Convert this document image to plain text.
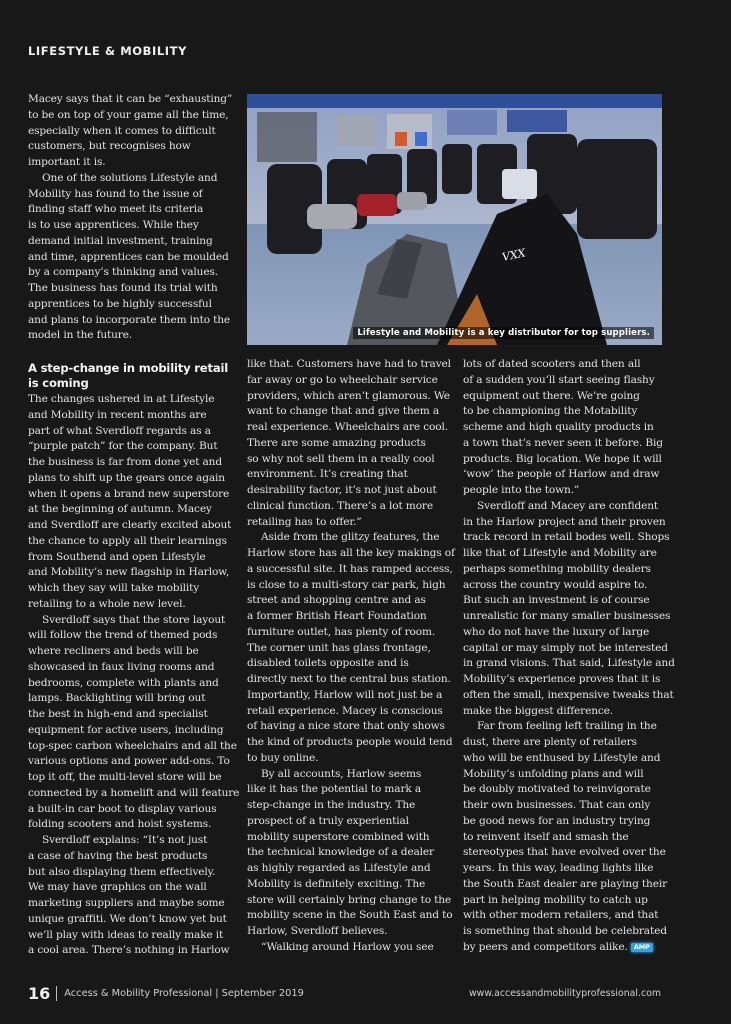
LIFESTYLE & MOBILITY

Macey says that it can be “exhausting”
to be on top of your game all the time,
especially when it comes to difficult
customers, but recognises how
important it is.

One of the solutions Lifestyle and
Mobility has found to the issue of
finding staff who meet its criteria
is to use apprentices. While they
demand initial investment, training
and time, apprentices can be moulded
by a company’s thinking and values.
The business has found its trial with
apprentices to be highly successful
and plans to incorporate them into the
model in the future.

VXX
Lifestyle and Mobility is a key distributor for top suppliers.
A step-change in mobility retail
is coming

The changes ushered in at Lifestyle
and Mobility in recent months are
part of what Sverdloff regards as a
“purple patch” for the company. But
the business is far from done yet and
plans to shift up the gears once again
when it opens a brand new superstore
at the beginning of autumn. Macey
and Sverdloff are clearly excited about
the chance to apply all their learnings
from Southend and open Lifestyle
and Mobility’s new flagship in Harlow,
which they say will take mobility
retailing to a whole new level.

Sverdloff says that the store layout
will follow the trend of themed pods
where recliners and beds will be
showcased in faux living rooms and
bedrooms, complete with plants and
lamps. Backlighting will bring out
the best in high-end and specialist
equipment for active users, including
top-spec carbon wheelchairs and all the
various options and power add-ons. To
top it off, the multi-level store will be
connected by a homelift and will feature
a built-in car boot to display various
folding scooters and hoist systems.

Sverdloff explains: “It’s not just
a case of having the best products
but also displaying them effectively.
We may have graphics on the wall
marketing suppliers and maybe some
unique graffiti. We don’t know yet but
we’ll play with ideas to really make it
a cool area. There’s nothing in Harlow

like that. Customers have had to travel
far away or go to wheelchair service
providers, which aren’t glamorous. We
want to change that and give them a
real experience. Wheelchairs are cool.
There are some amazing products
so why not sell them in a really cool
environment. It’s creating that
desirability factor, it’s not just about
clinical function. There’s a lot more
retailing has to offer.”

Aside from the glitzy features, the
Harlow store has all the key makings of
a successful site. It has ramped access,
is close to a multi-story car park, high
street and shopping centre and as
a former British Heart Foundation
furniture outlet, has plenty of room.
The corner unit has glass frontage,
disabled toilets opposite and is
directly next to the central bus station.
Importantly, Harlow will not just be a
retail experience. Macey is conscious
of having a nice store that only shows
the kind of products people would tend
to buy online.

By all accounts, Harlow seems
like it has the potential to mark a
step-change in the industry. The
prospect of a truly experiential
mobility superstore combined with
the technical knowledge of a dealer
as highly regarded as Lifestyle and
Mobility is definitely exciting. The
store will certainly bring change to the
mobility scene in the South East and to
Harlow, Sverdloff believes.

“Walking around Harlow you see

lots of dated scooters and then all
of a sudden you’ll start seeing flashy
equipment out there. We’re going
to be championing the Motability
scheme and high quality products in
a town that’s never seen it before. Big
products. Big location. We hope it will
‘wow’ the people of Harlow and draw
people into the town.”

Sverdloff and Macey are confident
in the Harlow project and their proven
track record in retail bodes well. Shops
like that of Lifestyle and Mobility are
perhaps something mobility dealers
across the country would aspire to.
But such an investment is of course
unrealistic for many smaller businesses
who do not have the luxury of large
capital or may simply not be interested
in grand visions. That said, Lifestyle and
Mobility’s experience proves that it is
often the small, inexpensive tweaks that
make the biggest difference.

Far from feeling left trailing in the
dust, there are plenty of retailers
who will be enthused by Lifestyle and
Mobility’s unfolding plans and will
be doubly motivated to reinvigorate
their own businesses. That can only
be good news for an industry trying
to reinvent itself and smash the
stereotypes that have evolved over the
years. In this way, leading lights like
the South East dealer are playing their
part in helping mobility to catch up
with other modern retailers, and that
is something that should be celebrated
by peers and competitors alike. AMP

16 Access & Mobility Professional | September 2019	www.accessandmobilityprofessional.com
